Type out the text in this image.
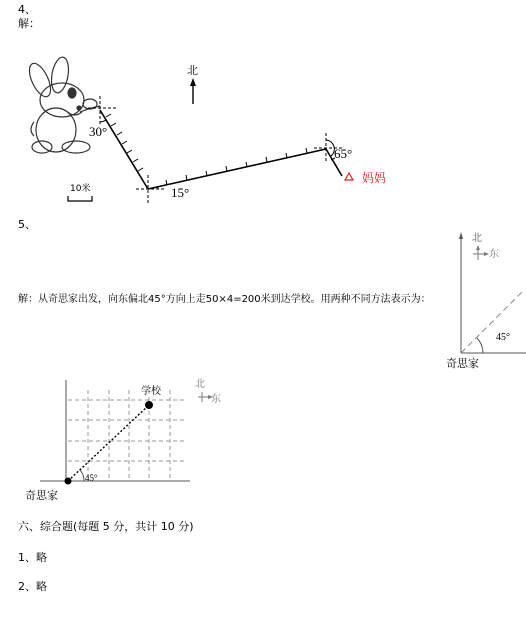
4、
解：
北
30°
15°
65°
妈妈
10米
5、
解：从奇思家出发，向东偏北45°方向上走50×4=200米到达学校。用两种不同方法表示为：
北
东
45°
奇思家
学校
北
东
45°
奇思家
六、综合题(每题 5 分，共计 10 分)
1、略
2、略
